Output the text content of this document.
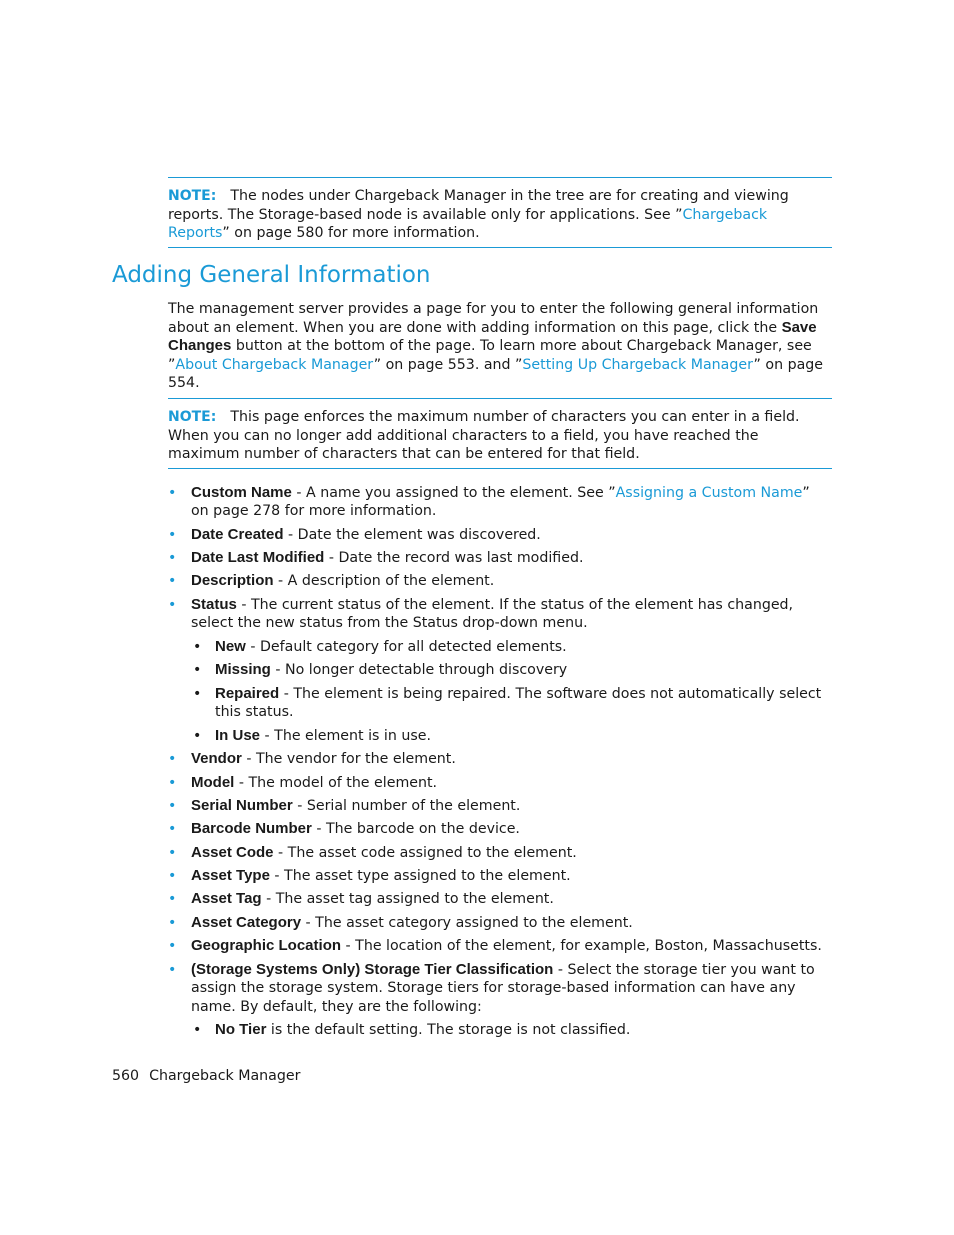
NOTE: The nodes under Chargeback Manager in the tree are for creating and viewing reports. The Storage-based node is available only for applications. See ”Chargeback Reports” on page 580 for more information.
Adding General Information

The management server provides a page for you to enter the following general information about an element. When you are done with adding information on this page, click the Save Changes button at the bottom of the page. To learn more about Chargeback Manager, see ”About Chargeback Manager” on page 553. and ”Setting Up Chargeback Manager” on page 554.

NOTE: This page enforces the maximum number of characters you can enter in a field. When you can no longer add additional characters to a field, you have reached the maximum number of characters that can be entered for that field.
• Custom Name - A name you assigned to the element. See ”Assigning a Custom Name” on page 278 for more information.
• Date Created - Date the element was discovered.
• Date Last Modified - Date the record was last modified.
• Description - A description of the element.
• Status - The current status of the element. If the status of the element has changed, select the new status from the Status drop-down menu.
• New - Default category for all detected elements.
• Missing - No longer detectable through discovery
• Repaired - The element is being repaired. The software does not automatically select this status.
• In Use - The element is in use.
• Vendor - The vendor for the element.
• Model - The model of the element.
• Serial Number - Serial number of the element.
• Barcode Number - The barcode on the device.
• Asset Code - The asset code assigned to the element.
• Asset Type - The asset type assigned to the element.
• Asset Tag - The asset tag assigned to the element.
• Asset Category - The asset category assigned to the element.
• Geographic Location - The location of the element, for example, Boston, Massachusetts.
• (Storage Systems Only) Storage Tier Classification - Select the storage tier you want to assign the storage system. Storage tiers for storage-based information can have any name. By default, they are the following:
• No Tier is the default setting. The storage is not classified.
560 Chargeback Manager
